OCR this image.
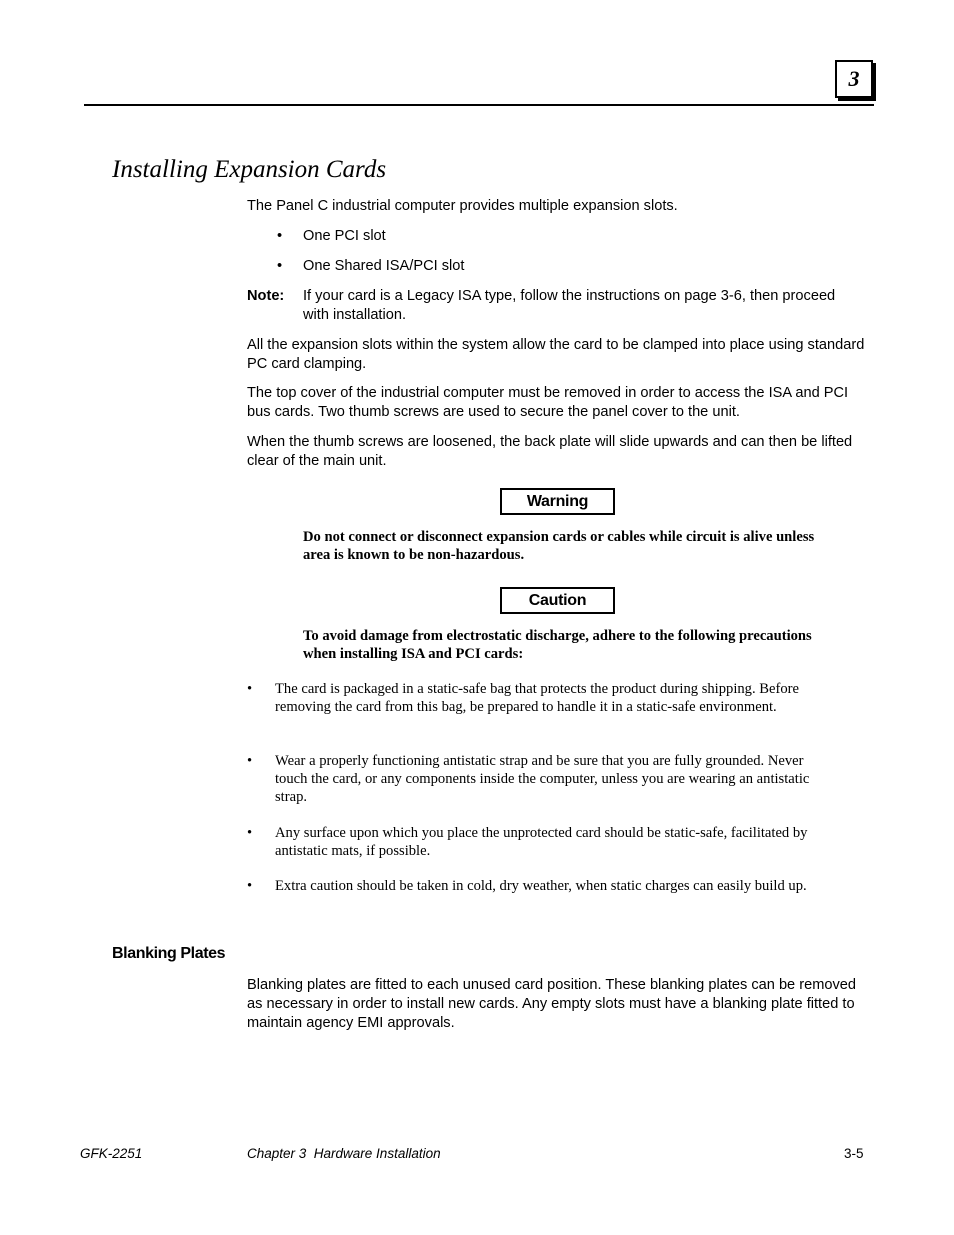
3
Installing Expansion Cards

The Panel C industrial computer provides multiple expansion slots.

• One PCI slot
• One Shared ISA/PCI slot
Note: If your card is a Legacy ISA type, follow the instructions on page 3-6, then proceed with installation.

All the expansion slots within the system allow the card to be clamped into place using standard PC card clamping.

The top cover of the industrial computer must be removed in order to access the ISA and PCI bus cards. Two thumb screws are used to secure the panel cover to the unit.

When the thumb screws are loosened, the back plate will slide upwards and can then be lifted clear of the main unit.

Warning

Do not connect or disconnect expansion cards or cables while circuit is alive unless area is known to be non-hazardous.

Caution

To avoid damage from electrostatic discharge, adhere to the following precautions when installing ISA and PCI cards:

• The card is packaged in a static-safe bag that protects the product during shipping. Before removing the card from this bag, be prepared to handle it in a static-safe environment.
• Wear a properly functioning antistatic strap and be sure that you are fully grounded. Never touch the card, or any components inside the computer, unless you are wearing an antistatic strap.
• Any surface upon which you place the unprotected card should be static-safe, facilitated by antistatic mats, if possible.
• Extra caution should be taken in cold, dry weather, when static charges can easily build up.
Blanking Plates

Blanking plates are fitted to each unused card position. These blanking plates can be removed as necessary in order to install new cards. Any empty slots must have a blanking plate fitted to maintain agency EMI approvals.

GFK-2251	Chapter 3  Hardware Installation	3-5
